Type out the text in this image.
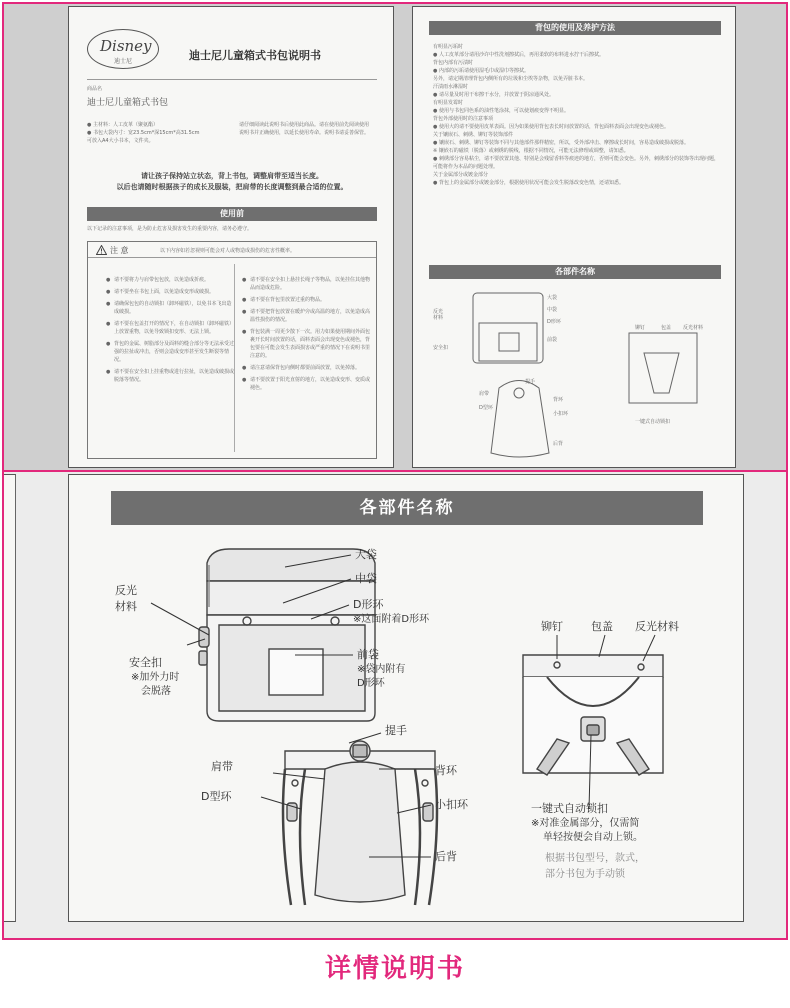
Disney
迪士尼	迪士尼儿童箱式书包说明书
商品名
迪士尼儿童箱式书包
● 主材料：人工皮革（聚氨酯）
● 书包大袋内寸：宽23.5cm*深15cm*高31.5cm
可放入A4大小书本，文件夹。
请仔细阅读此说明书后使用此商品。请在使用前先阅读使用说明书并正确使用，以延长使用寿命。说明书请妥善保管。
请让孩子保持站立状态，背上书包，调整肩带至适当长度。
以后也请随时根据孩子的成长及服装，把肩带的长度调整到最合适的位置。
使用前
以下记录的注意事项，是为防止危害及损害发生的重要内容，请务必遵守。
注 意	以下内容如若忽视则可能会对人或物造成损伤的危害性概率。
● 请不要将力与肩带包包放，以免造成折痕。
● 请不要坐在书包上面，以免造成变形或破损。
● 请确保包包的自动锁扣（卸环磁铁），以免书本飞出造成破损。
● 请不要在包盖打开的情况下，在自动锁扣（卸环磁铁）上放置重物，以免导致锁扣变形、无法上锁。
● 背包的金属、树脂部分及面料的缝合部分等无法承受过强的拉扯或冲击，否则会造成变形甚至发生断裂等情况。
● 请不要在安全扣上挂重物或进行拉扯，以免造成破损或脱落等情况。
● 请不要在安全扣上悬挂长绳子等物品，以免挂住其他物品而造成危险。
● 请不要在背包里放置过重的物品。
● 请不要把背包放置在暖炉旁或高温的地方，以免造成高温性损伤的情况。
● 背包装满一周更少散下一次。用力如果使用期间外面包裹开长时间放置的话，面料表面会出现变色或褪色，背包要在可能会发生表面损害或严重的情况下在说明书里注意的。
● 请注意请保背包向侧时都要前面放置，以免掉落。
● 请不要放置于阳光直射的地方，以免造成变形、变质或褪色。
背包的使用及养护方法
有明显污垢时
● 人工皮革部分请用沙许中性洗剂擦拭后，再用柔软的布料进水拧干后擦拭。
背包内部有污渍时
● 内部的污垢请使用湿毛巾或湿巾等擦拭。
另外，请定期清理背包内侧所有的垃圾和尘埃等杂物，以免弄脏书本。
汗渍雨水淋湿时
● 请尽量及时用干布擦干水分，并放置于阴凉通风处。
有明显发霉时
● 使用与书包同色系的油性笔涂抹，可以使划痕变得不明显。
背包外部使用时的注意事项
● 使用大的请不要使用皮革表面。因为如果使用背包表长时间放置的话，背包面料表面会出现变色或褪色。
关于镶嵌石、刺绣、铆钉等装饰部件
● 镶嵌石、刺绣、铆钉等装饰不同与其他部件那样精密，所以，受外部冲击、摩擦或长时间，容易造成破损或脱落。
※ 镶嵌石的磁铁（脱落）或刺绣的脱线，根据不同情况，可能无法修理或调整，请知悉。
● 刺绣部分容易粘尘，请不要放置其他、特别是会残留香料等痕迹的地方，否则可能会变色。另外，刺绣部分的装饰等出现问题，可能将作为本品的问题处理。
关于金属部分或镀金部分
● 背包上的金属部分或镀金部分，根据使用状况可能会发生脱落改变色情，还请知悉。
各部件名称
大袋
中袋
反光
材料
D形环
前袋
安全扣
铆钉	包盖 反光材料
提手
肩带
背环
D型环
小扣环
后背
一键式自动锁扣
各部件名称
大袋
中袋
反光
材料	D形环
※这面附着D形环
安全扣
※加外力时
会脱落
前袋
※袋内附有
D形环
提手
肩带	背环
D型环
小扣环
后背
铆钉	包盖 反光材料
一键式自动锁扣
※对准金属部分，仅需简
单轻按便会自动上锁。
根据书包型号，款式，
部分书包为手动锁
详情说明书
